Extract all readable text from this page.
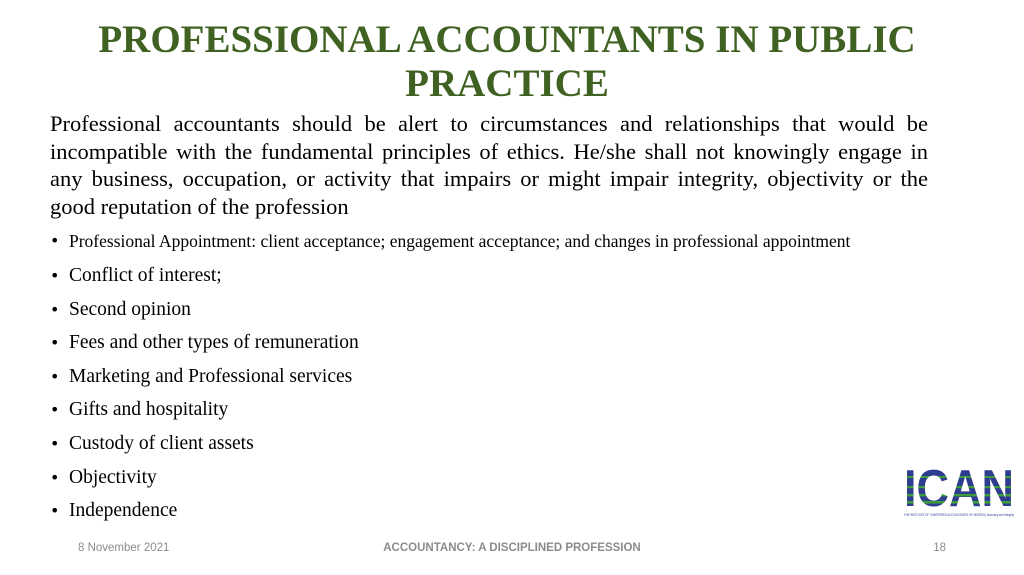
PROFESSIONAL ACCOUNTANTS IN PUBLIC PRACTICE

Professional accountants should be alert to circumstances and relationships that would be incompatible with the fundamental principles of ethics. He/she shall not knowingly engage in any business, occupation, or activity that impairs or might impair integrity, objectivity or the good reputation of the profession

• Professional Appointment: client acceptance; engagement acceptance; and changes in professional appointment
• Conflict of interest;
• Second opinion
• Fees and other types of remuneration
• Marketing and Professional services
• Gifts and hospitality
• Custody of client assets
• Objectivity
• Independence	THE INSTITUTE OF CHARTERED ACCOUNTANTS OF NIGERIA | Accuracy and Integrity
8 November 2021	ACCOUNTANCY: A DISCIPLINED PROFESSION	18
